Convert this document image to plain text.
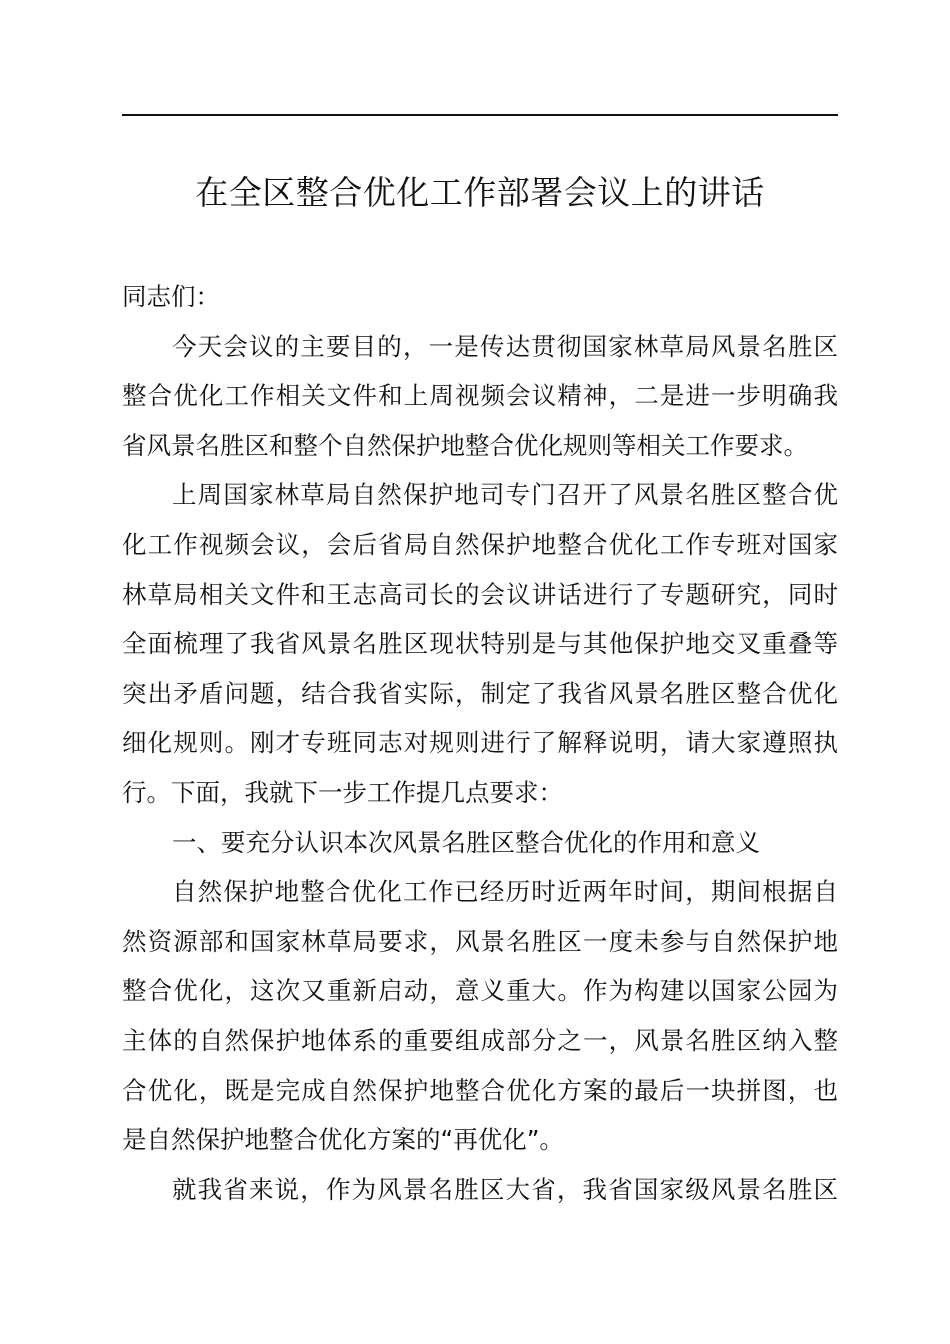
在全区整合优化工作部署会议上的讲话
同志们：
今天会议的主要目的，一是传达贯彻国家林草局风景名胜区
整合优化工作相关文件和上周视频会议精神，二是进一步明确我
省风景名胜区和整个自然保护地整合优化规则等相关工作要求。
上周国家林草局自然保护地司专门召开了风景名胜区整合优
化工作视频会议，会后省局自然保护地整合优化工作专班对国家
林草局相关文件和王志高司长的会议讲话进行了专题研究，同时
全面梳理了我省风景名胜区现状特别是与其他保护地交叉重叠等
突出矛盾问题，结合我省实际，制定了我省风景名胜区整合优化
细化规则。刚才专班同志对规则进行了解释说明，请大家遵照执
行。下面，我就下一步工作提几点要求：
一、要充分认识本次风景名胜区整合优化的作用和意义
自然保护地整合优化工作已经历时近两年时间，期间根据自
然资源部和国家林草局要求，风景名胜区一度未参与自然保护地
整合优化，这次又重新启动，意义重大。作为构建以国家公园为
主体的自然保护地体系的重要组成部分之一，风景名胜区纳入整
合优化，既是完成自然保护地整合优化方案的最后一块拼图，也
是自然保护地整合优化方案的“再优化”。
就我省来说，作为风景名胜区大省，我省国家级风景名胜区
